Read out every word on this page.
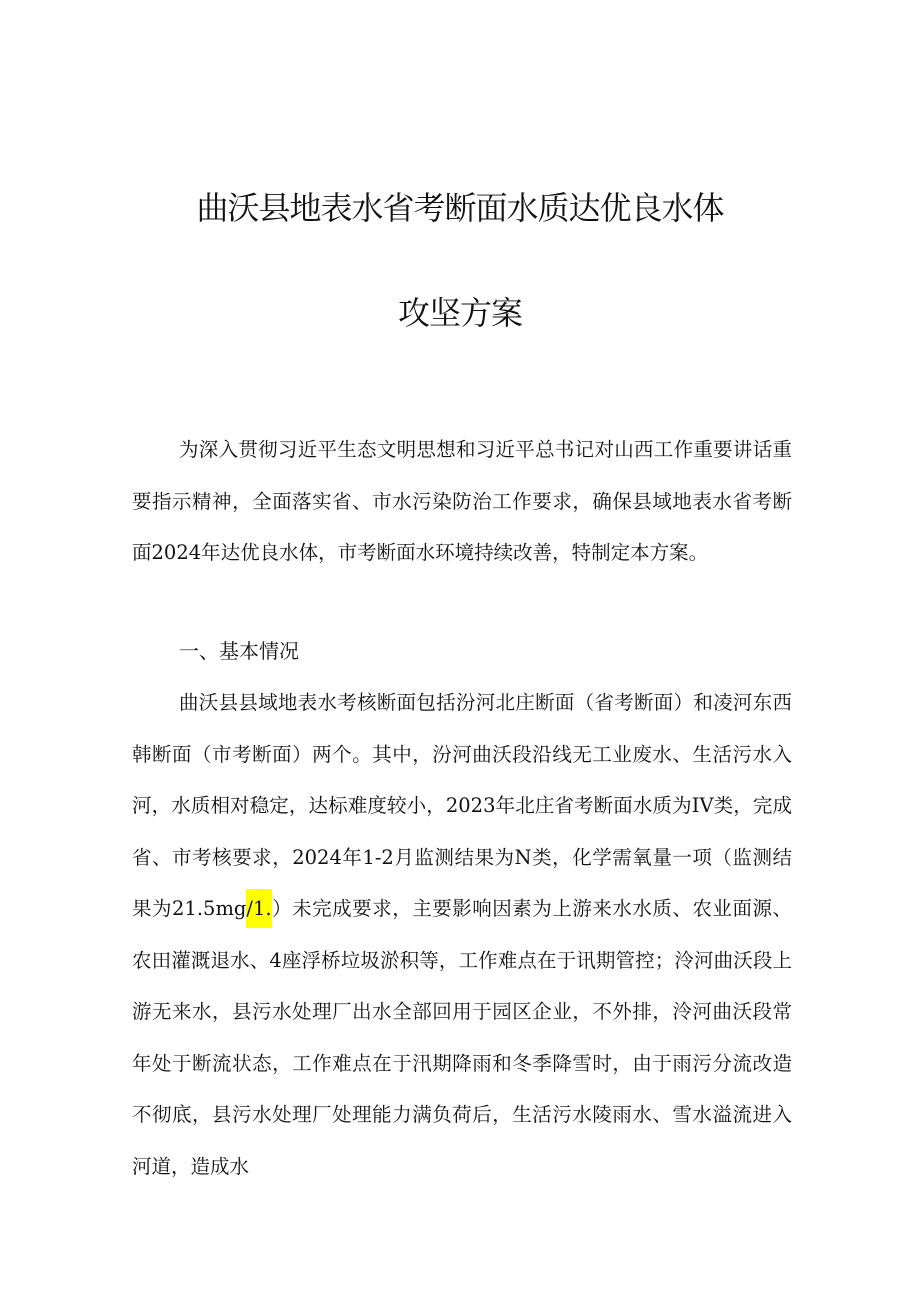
曲沃县地表水省考断面水质达优良水体
攻坚方案

为深入贯彻习近平生态文明思想和习近平总书记对山西工作重要讲话重要指示精神，全面落实省、市水污染防治工作要求，确保县域地表水省考断面2024年达优良水体，市考断面水环境持续改善，特制定本方案。

一、基本情况

曲沃县县域地表水考核断面包括汾河北庄断面（省考断面）和凌河东西韩断面（市考断面）两个。其中，汾河曲沃段沿线无工业废水、生活污水入河，水质相对稳定，达标难度较小，2023年北庄省考断面水质为IV类，完成省、市考核要求，2024年1-2月监测结果为N类，化学需氧量一项（监测结果为21.5mg/1.）未完成要求，主要影响因素为上游来水水质、农业面源、农田灌溉退水、4座浮桥垃圾淤积等，工作难点在于讯期管控；泠河曲沃段上游无来水，县污水处理厂出水全部回用于园区企业，不外排，泠河曲沃段常年处于断流状态，工作难点在于汛期降雨和冬季降雪时，由于雨污分流改造不彻底，县污水处理厂处理能力满负荷后，生活污水陵雨水、雪水溢流进入河道，造成水
